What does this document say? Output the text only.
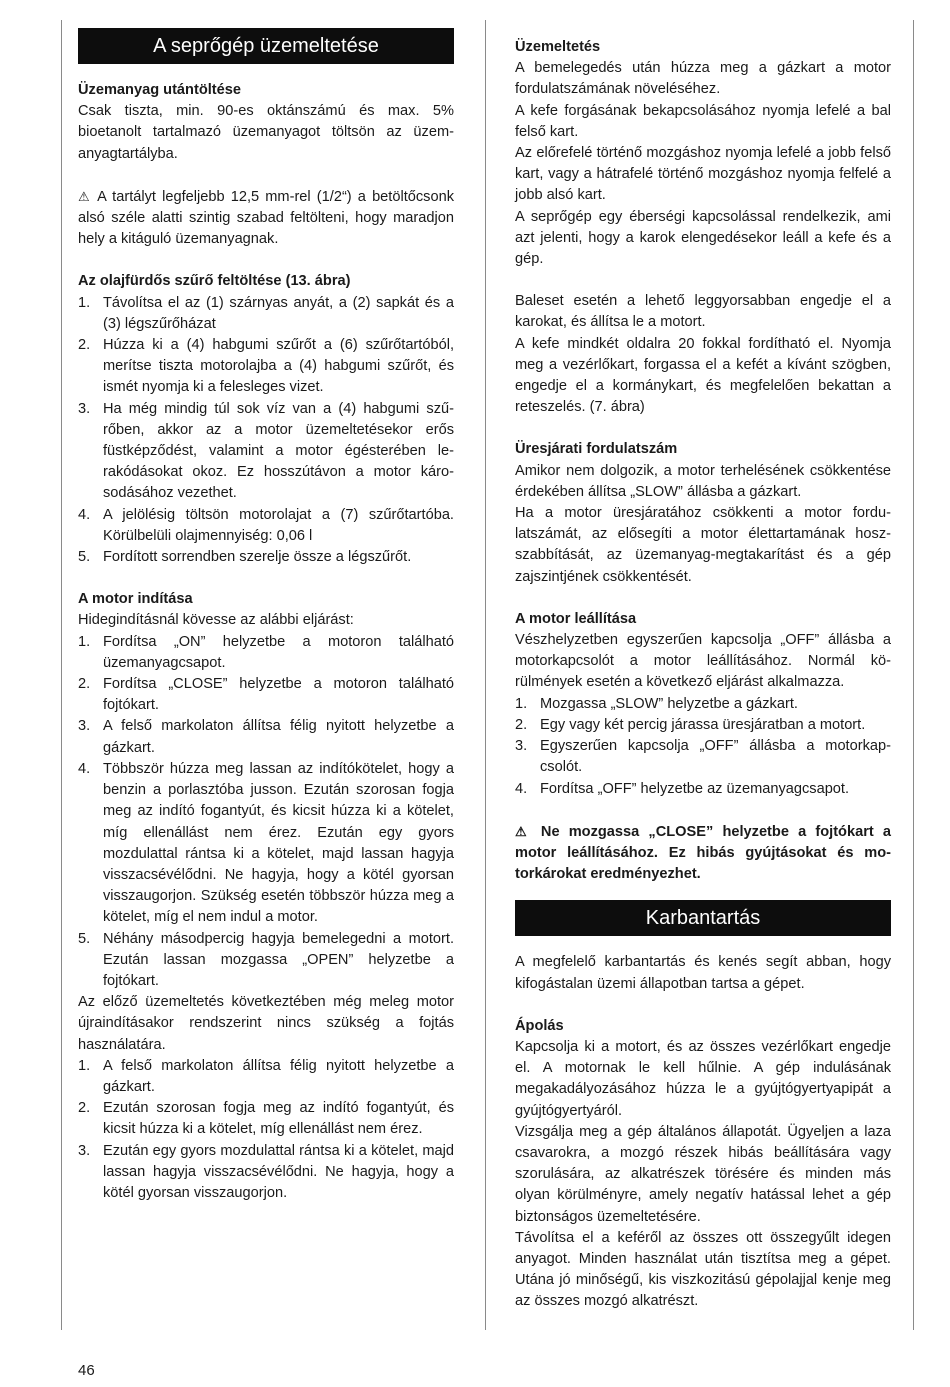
A seprőgép üzemeltetése
Üzemanyag utántöltése

Csak tiszta, min. 90-es oktánszámú és max. 5% bioetanolt tartalmazó üzemanyagot töltsön az üzemanyagtartályba.

⚠ A tartályt legfeljebb 12,5 mm-rel (1/2“) a betöltőcsonk alsó széle alatti szintig szabad feltölteni, hogy maradjon hely a kitáguló üzemanyagnak.

Az olajfürdős szűrő feltöltése (13. ábra)
1. Távolítsa el az (1) szárnyas anyát, a (2) sapkát és a (3) légszűrőházat
2. Húzza ki a (4) habgumi szűrőt a (6) szűrőtartóból, merítse tiszta motorolajba a (4) habgumi szűrőt, és ismét nyomja ki a felesleges vizet.
3. Ha még mindig túl sok víz van a (4) habgumi szűrőben, akkor az a motor üzemeltetésekor erős füstképződést, valamint a motor égésterében lerakódásokat okoz. Ez hosszútávon a motor károsodásához vezethet.
4. A jelölésig töltsön motorolajat a (7) szűrőtartóba. Körülbelüli olajmennyiség: 0,06 l
5. Fordított sorrendben szerelje össze a légszűrőt.
A motor indítása

Hidegindításnál kövesse az alábbi eljárást:

1. Fordítsa „ON” helyzetbe a motoron található üzemanyagcsapot.
2. Fordítsa „CLOSE” helyzetbe a motoron található fojtókart.
3. A felső markolaton állítsa félig nyitott helyzetbe a gázkart.
4. Többször húzza meg lassan az indítókötelet, hogy a benzin a porlasztóba jusson. Ezután szorosan fogja meg az indító fogantyút, és kicsit húzza ki a kötelet, míg ellenállást nem érez. Ezután egy gyors mozdulattal rántsa ki a kötelet, majd lassan hagyja visszacsévélődni. Ne hagyja, hogy a kötél gyorsan visszaugorjon. Szükség esetén többször húzza meg a kötelet, míg el nem indul a motor.
5. Néhány másodpercig hagyja bemelegedni a motort. Ezután lassan mozgassa „OPEN” helyzetbe a fojtókart.

Az előző üzemeltetés következtében még meleg motor újraindításakor rendszerint nincs szükség a fojtás használatára.

1. A felső markolaton állítsa félig nyitott helyzetbe a gázkart.
2. Ezután szorosan fogja meg az indító fogantyút, és kicsit húzza ki a kötelet, míg ellenállást nem érez.
3. Ezután egy gyors mozdulattal rántsa ki a kötelet, majd lassan hagyja visszacsévélődni. Ne hagyja, hogy a kötél gyorsan visszaugorjon.
Üzemeltetés

A bemelegedés után húzza meg a gázkart a motor fordulatszámának növeléséhez.

A kefe forgásának bekapcsolásához nyomja lefelé a bal felső kart.

Az előrefelé történő mozgáshoz nyomja lefelé a jobb felső kart, vagy a hátrafelé történő mozgáshoz nyomja felfelé a jobb alsó kart.

A seprőgép egy éberségi kapcsolással rendelkezik, ami azt jelenti, hogy a karok elengedésekor leáll a kefe és a gép.

Baleset esetén a lehető leggyorsabban engedje el a karokat, és állítsa le a motort.

A kefe mindkét oldalra 20 fokkal fordítható el. Nyomja meg a vezérlőkart, forgassa el a kefét a kívánt szögben, engedje el a kormánykart, és megfelelően bekattan a reteszelés. (7. ábra)

Üresjárati fordulatszám

Amikor nem dolgozik, a motor terhelésének csökkentése érdekében állítsa „SLOW” állásba a gázkart.

Ha a motor üresjáratához csökkenti a motor fordulatszámát, az elősegíti a motor élettartamának hoszszabbítását, az üzemanyag-megtakarítást és a gép zajszintjének csökkentését.

A motor leállítása

Vészhelyzetben egyszerűen kapcsolja „OFF” állásba a motorkapcsolót a motor leállításához. Normál körülmények esetén a következő eljárást alkalmazza.

1. Mozgassa „SLOW” helyzetbe a gázkart.
2. Egy vagy két percig járassa üresjáratban a motort.
3. Egyszerűen kapcsolja „OFF” állásba a motorkapcsolót.
4. Fordítsa „OFF” helyzetbe az üzemanyagcsapot.

⚠ Ne mozgassa „CLOSE” helyzetbe a fojtókart a motor leállításához. Ez hibás gyújtásokat és motorkárokat eredményezhet.

Karbantartás

A megfelelő karbantartás és kenés segít abban, hogy kifogástalan üzemi állapotban tartsa a gépet.

Ápolás

Kapcsolja ki a motort, és az összes vezérlőkart engedje el. A motornak le kell hűlnie. A gép indulásának megakadályozásához húzza le a gyújtógyertyapipát a gyújtógyertyáról.

Vizsgálja meg a gép általános állapotát. Ügyeljen a laza csavarokra, a mozgó részek hibás beállítására vagy szorulására, az alkatrészek törésére és minden más olyan körülményre, amely negatív hatással lehet a gép biztonságos üzemeltetésére.

Távolítsa el a keféről az összes ott összegyűlt idegen anyagot. Minden használat után tisztítsa meg a gépet. Utána jó minőségű, kis viszkozitású gépolajjal kenje meg az összes mozgó alkatrészt.

46
